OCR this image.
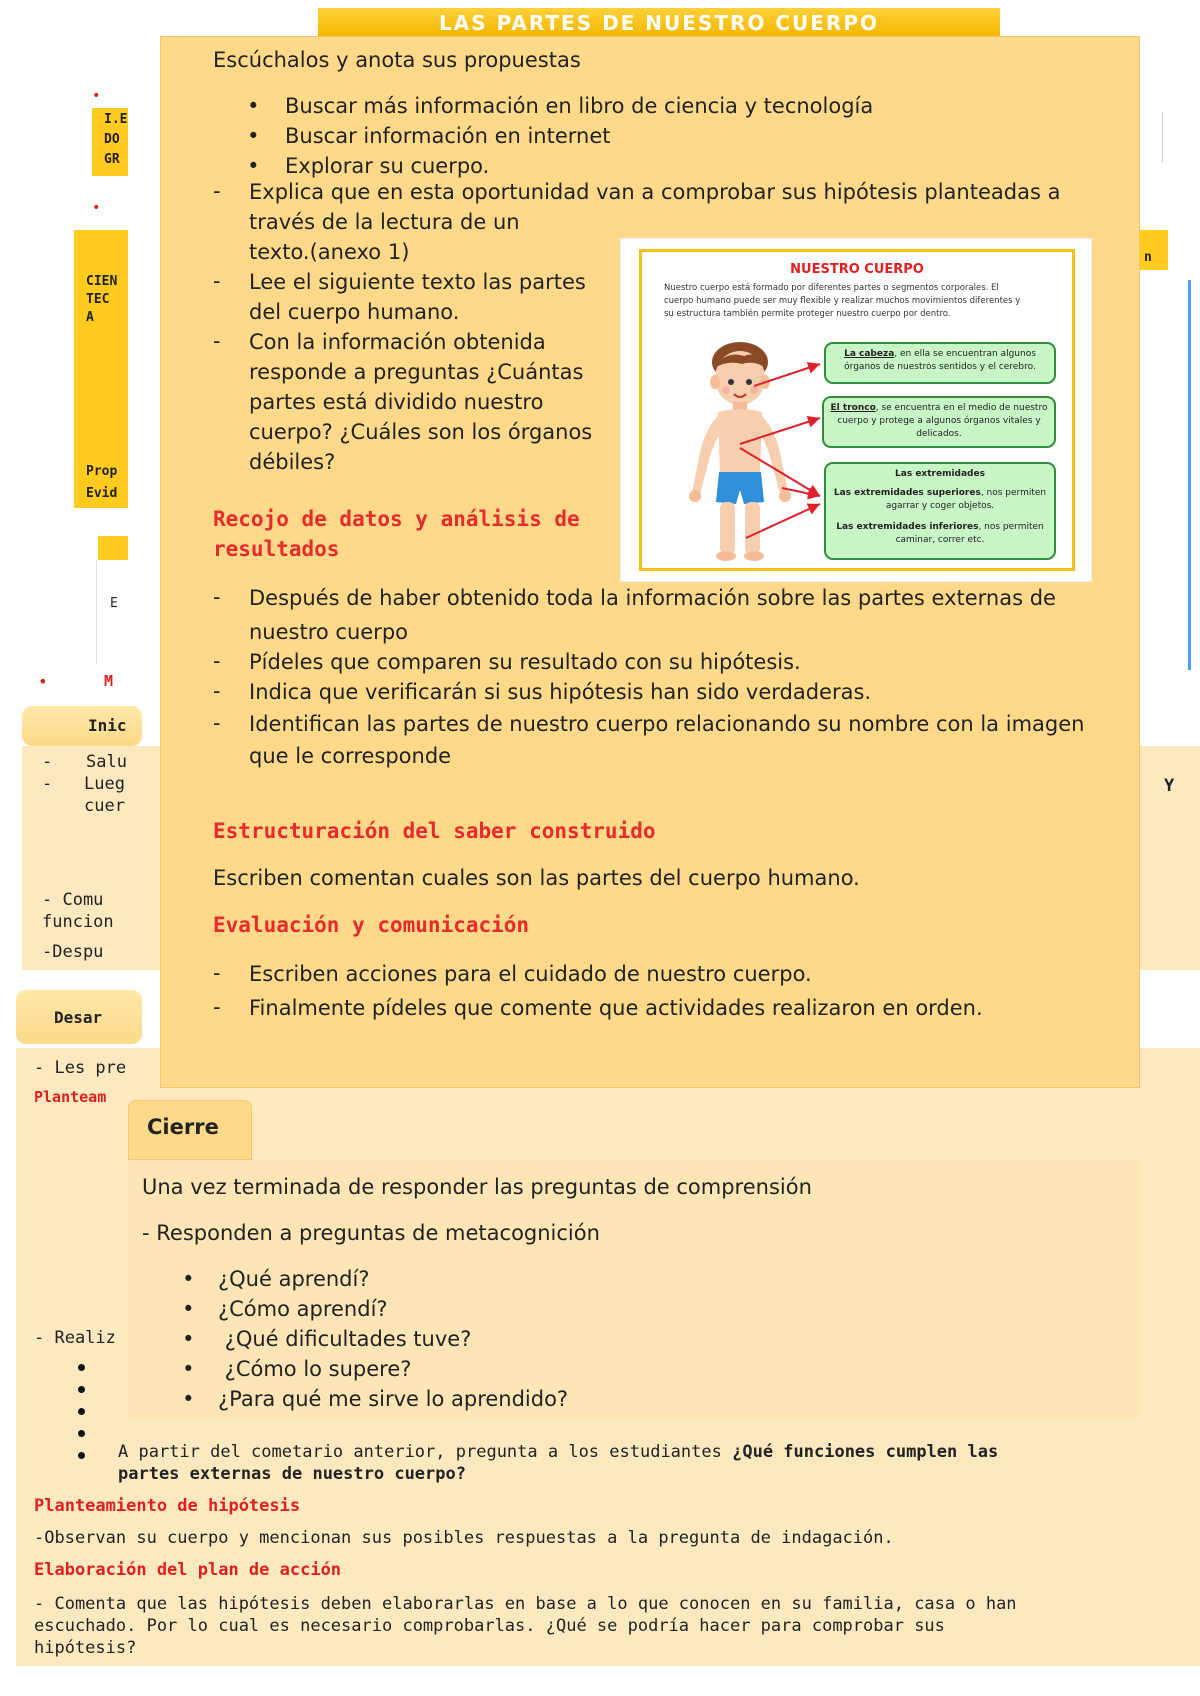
LAS PARTES DE NUESTRO CUERPO
I.E
DO
GR
•
•
CIEN
TEC
A
Prop
Evid
E
n
•	M
Inic
Salu
-
Lueg
-
cuer
- Comu
funcion
-Despu
Y
Desar
- Les pre
Planteam
- Realiz
A partir del cometario anterior, pregunta a los estudiantes ¿Qué funciones cumplen las
partes externas de nuestro cuerpo?
Planteamiento de hipótesis
-Observan su cuerpo y mencionan sus posibles respuestas a la pregunta de indagación.
Elaboración del plan de acción
- Comenta que las hipótesis deben elaborarlas en base a lo que conocen en su familia, casa o han
escuchado. Por lo cual es necesario comprobarlas. ¿Qué se podría hacer para comprobar sus
hipótesis?
Escúchalos y anota sus propuestas
• Buscar más información en libro de ciencia y tecnología
• Buscar información en internet
• Explorar su cuerpo.
- Explica que en esta oportunidad van a comprobar sus hipótesis planteadas a
través de la lectura de un
texto.(anexo 1)
- Lee el siguiente texto las partes
del cuerpo humano.
- Con la información obtenida
responde a preguntas ¿Cuántas
partes está dividido nuestro
cuerpo? ¿Cuáles son los órganos
débiles?
Recojo de datos y análisis de
resultados
- Después de haber obtenido toda la información sobre las partes externas de
nuestro cuerpo
- Pídeles que comparen su resultado con su hipótesis.
- Indica que verificarán si sus hipótesis han sido verdaderas.
- Identifican las partes de nuestro cuerpo relacionando su nombre con la imagen
que le corresponde
Estructuración del saber construido
Escriben comentan cuales son las partes del cuerpo humano.
Evaluación y comunicación
- Escriben acciones para el cuidado de nuestro cuerpo.
- Finalmente pídeles que comente que actividades realizaron en orden.
NUESTRO CUERPO
Nuestro cuerpo está formado por diferentes partes o segmentos corporales. El
cuerpo humano puede ser muy flexible y realizar muchos movimientos diferentes y
su estructura también permite proteger nuestro cuerpo por dentro.
La cabeza, en ella se encuentran algunos órganos de nuestros sentidos y el cerebro.
El tronco, se encuentra en el medio de nuestro cuerpo y protege a algunos órganos vitales y delicados.
Las extremidades
Las extremidades superiores, nos permiten agarrar y coger objetos.
Las extremidades inferiores, nos permiten caminar, correr etc.
Cierre
Una vez terminada de responder las preguntas de comprensión
- Responden a preguntas de metacognición
• ¿Qué aprendí?
• ¿Cómo aprendí?
• ¿Qué dificultades tuve?
• ¿Cómo lo supere?
• ¿Para qué me sirve lo aprendido?
